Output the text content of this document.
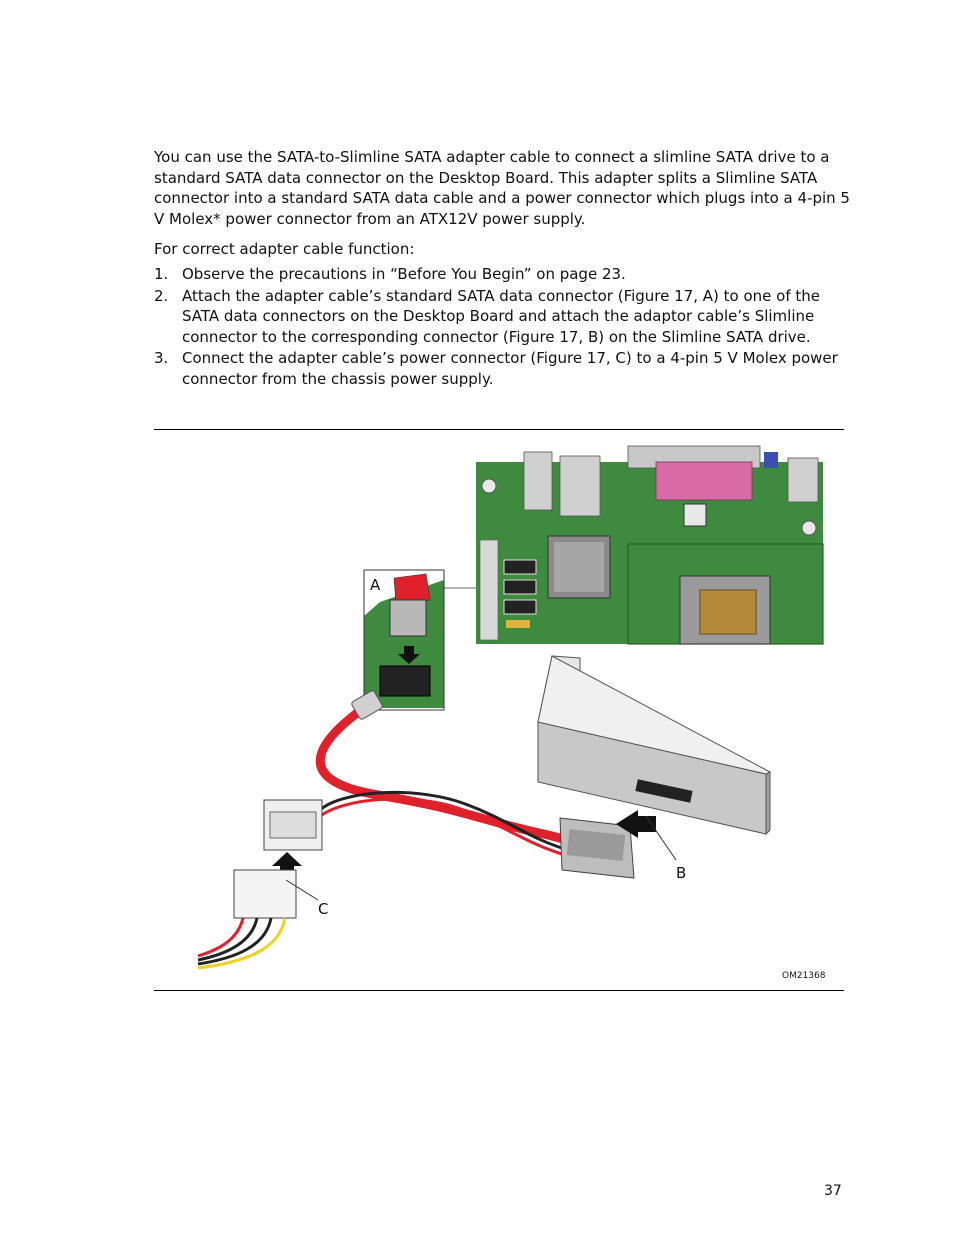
You can use the SATA-to-Slimline SATA adapter cable to connect a slimline SATA drive to a standard SATA data connector on the Desktop Board. This adapter splits a Slimline SATA connector into a standard SATA data cable and a power connector which plugs into a 4-pin 5 V Molex* power connector from an ATX12V power supply.

For correct adapter cable function:

1. Observe the precautions in “Before You Begin” on page 23.
2. Attach the adapter cable’s standard SATA data connector (Figure 17, A) to one of the SATA data connectors on the Desktop Board and attach the adaptor cable’s Slimline connector to the corresponding connector (Figure 17, B) on the Slimline SATA drive.
3. Connect the adapter cable’s power connector (Figure 17, C) to a 4-pin 5 V Molex power connector from the chassis power supply.
A
B
C
OM21368
37
